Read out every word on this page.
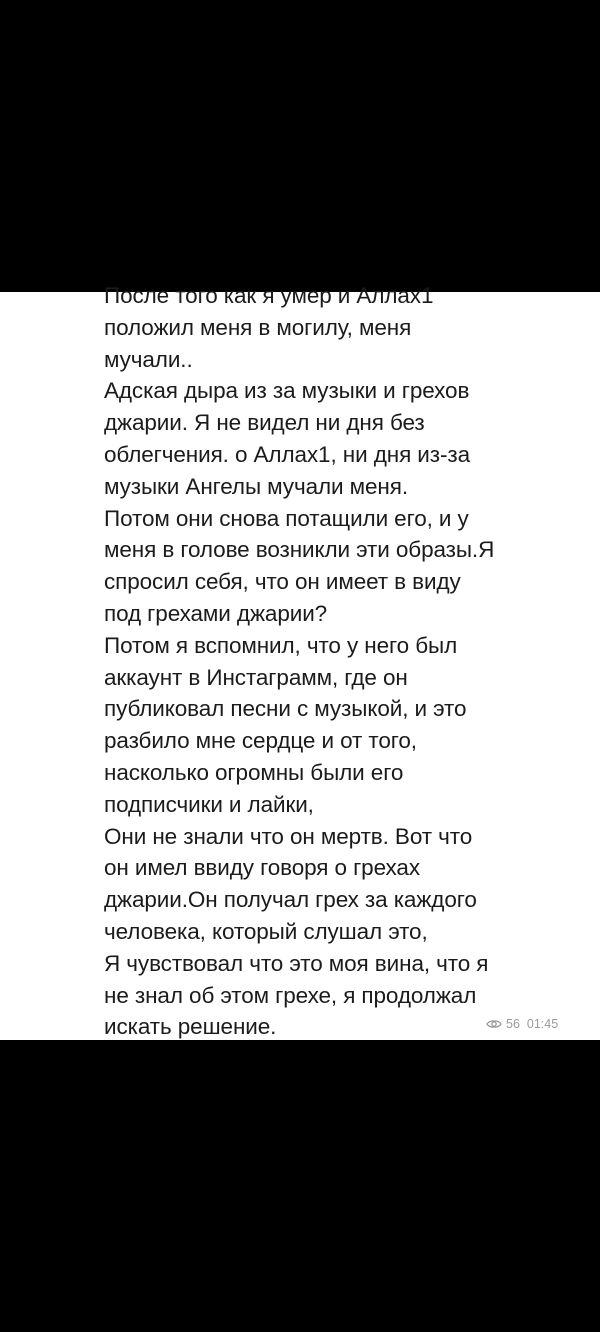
После того как я умер и Аллах1
положил меня в могилу, меня
мучали..
Адская дыра из за музыки и грехов
джарии. Я не видел ни дня без
облегчения. о Аллах1, ни дня из-за
музыки Ангелы мучали меня.
Потом они снова потащили его, и у
меня в голове возникли эти образы.Я
спросил себя, что он имеет в виду
под грехами джарии?
Потом я вспомнил, что у него был
аккаунт в Инстаграмм, где он
публиковал песни с музыкой, и это
разбило мне сердце и от того,
насколько огромны были его
подписчики и лайки,
Они не знали что он мертв. Вот что
он имел ввиду говоря о грехах
джарии.Он получал грех за каждого
человека, который слушал это,
Я чувствовал что это моя вина, что я
не знал об этом грехе, я продолжал
искать решение.	56 01:45
